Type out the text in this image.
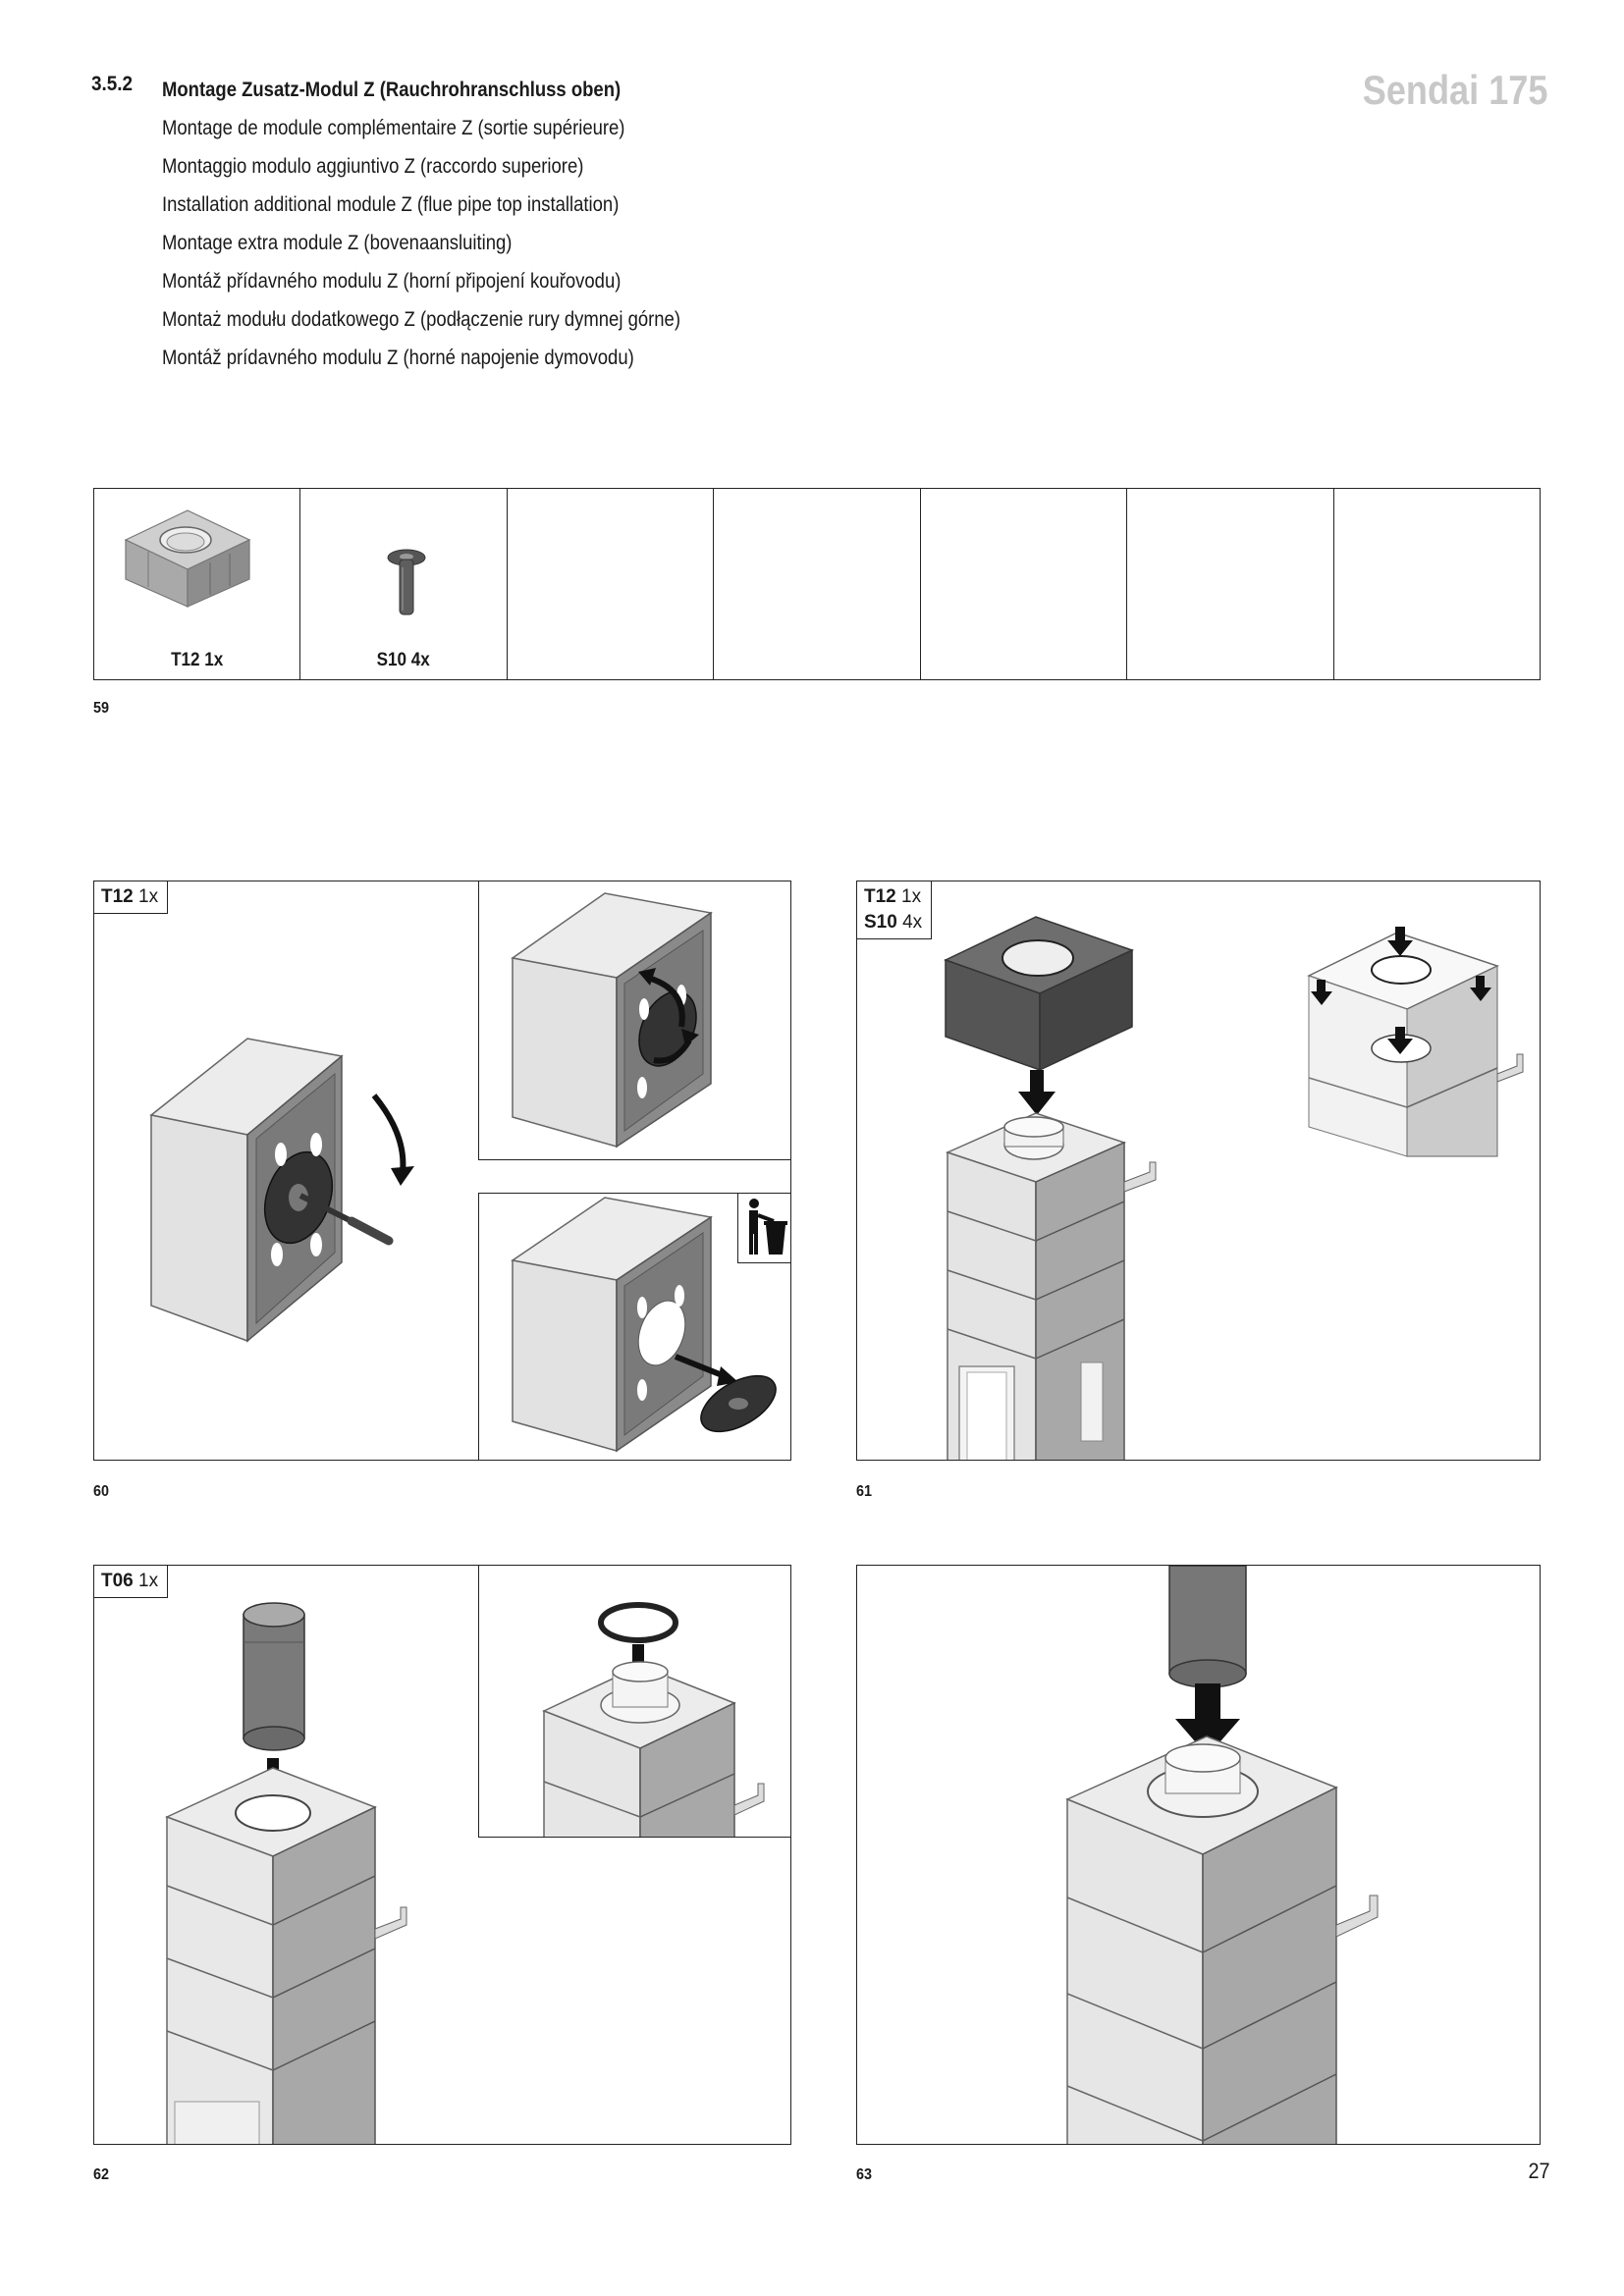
3.5.2 Montage Zusatz-Modul Z (Rauchrohranschluss oben)
Montage de module complémentaire Z (sortie supérieure)
Montaggio modulo aggiuntivo Z (raccordo superiore)
Installation additional module Z (flue pipe top installation)
Montage extra module Z (bovenaansluiting)
Montáž přídavného modulu Z (horní připojení kouřovodu)
Montaż modułu dodatkowego Z (podłączenie rury dymnej górne)
Montáž prídavného modulu Z (horné napojenie dymovodu)
Sendai 175
T12 1x	S10 4x
59
T12 1x
60
T12 1x
S10 4x
61
T06 1x
62	63	27
